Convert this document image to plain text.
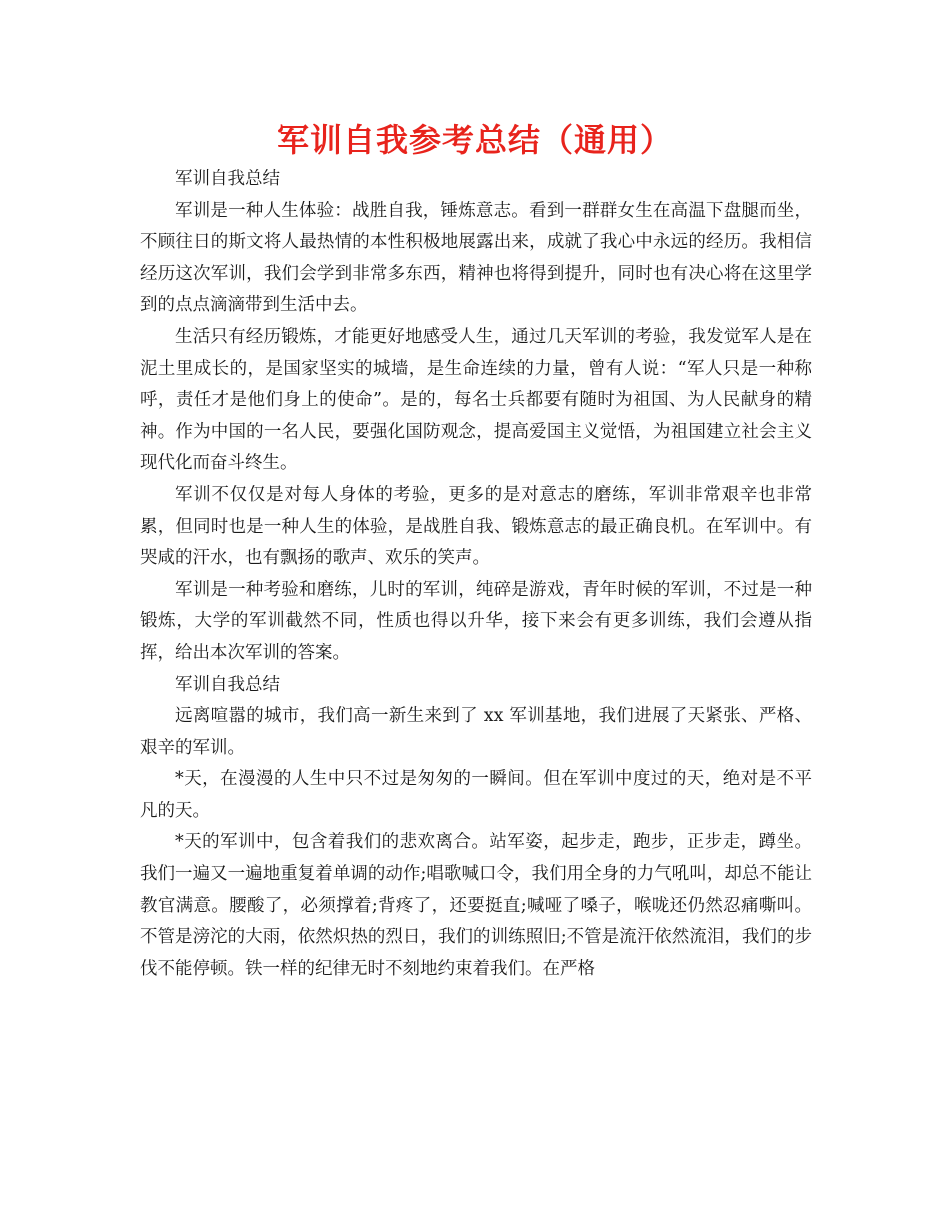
军训自我参考总结（通用）

军训自我总结

军训是一种人生体验：战胜自我，锤炼意志。看到一群群女生在高温下盘腿而坐，不顾往日的斯文将人最热情的本性积极地展露出来，成就了我心中永远的经历。我相信经历这次军训，我们会学到非常多东西，精神也将得到提升，同时也有决心将在这里学到的点点滴滴带到生活中去。

生活只有经历锻炼，才能更好地感受人生，通过几天军训的考验，我发觉军人是在泥土里成长的，是国家坚实的城墙，是生命连续的力量，曾有人说：“军人只是一种称呼，责任才是他们身上的使命”。是的，每名士兵都要有随时为祖国、为人民献身的精神。作为中国的一名人民，要强化国防观念，提高爱国主义觉悟，为祖国建立社会主义现代化而奋斗终生。

军训不仅仅是对每人身体的考验，更多的是对意志的磨练，军训非常艰辛也非常累，但同时也是一种人生的体验，是战胜自我、锻炼意志的最正确良机。在军训中。有哭咸的汗水，也有飘扬的歌声、欢乐的笑声。

军训是一种考验和磨练，儿时的军训，纯碎是游戏，青年时候的军训，不过是一种锻炼，大学的军训截然不同，性质也得以升华，接下来会有更多训练，我们会遵从指挥，给出本次军训的答案。

军训自我总结

远离喧嚣的城市，我们高一新生来到了 xx 军训基地，我们进展了天紧张、严格、艰辛的军训。

*天，在漫漫的人生中只不过是匆匆的一瞬间。但在军训中度过的天，绝对是不平凡的天。

*天的军训中，包含着我们的悲欢离合。站军姿，起步走，跑步，正步走，蹲坐。我们一遍又一遍地重复着单调的动作;唱歌喊口令，我们用全身的力气吼叫，却总不能让教官满意。腰酸了，必须撑着;背疼了，还要挺直;喊哑了嗓子，喉咙还仍然忍痛嘶叫。不管是滂沱的大雨，依然炽热的烈日，我们的训练照旧;不管是流汗依然流泪，我们的步伐不能停顿。铁一样的纪律无时不刻地约束着我们。在严格
